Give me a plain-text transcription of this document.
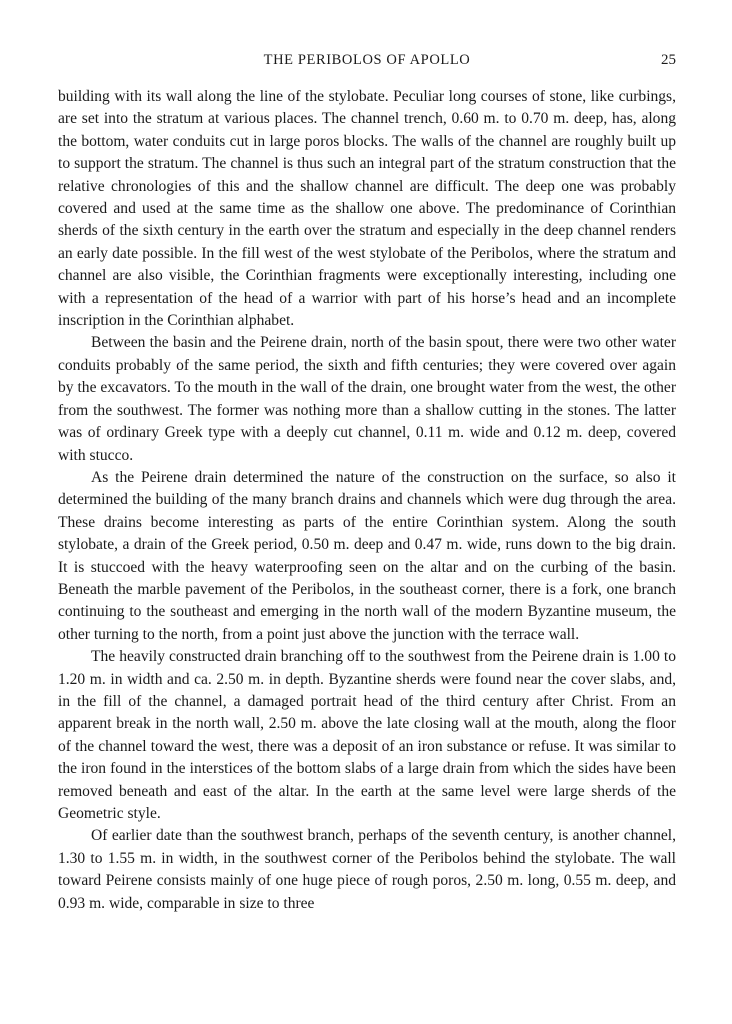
THE PERIBOLOS OF APOLLO	25

building with its wall along the line of the stylobate. Peculiar long courses of stone, like curbings, are set into the stratum at various places. The channel trench, 0.60 m. to 0.70 m. deep, has, along the bottom, water conduits cut in large poros blocks. The walls of the channel are roughly built up to support the stratum. The channel is thus such an integral part of the stratum construction that the relative chronologies of this and the shallow channel are difficult. The deep one was probably covered and used at the same time as the shallow one above. The predominance of Corinthian sherds of the sixth century in the earth over the stratum and especially in the deep channel renders an early date possible. In the fill west of the west stylobate of the Peribolos, where the stratum and channel are also visible, the Corinthian fragments were exceptionally interesting, including one with a representation of the head of a warrior with part of his horse’s head and an incomplete inscription in the Corinthian alphabet.

Between the basin and the Peirene drain, north of the basin spout, there were two other water conduits probably of the same period, the sixth and fifth centuries; they were covered over again by the excavators. To the mouth in the wall of the drain, one brought water from the west, the other from the southwest. The former was nothing more than a shallow cutting in the stones. The latter was of ordinary Greek type with a deeply cut channel, 0.11 m. wide and 0.12 m. deep, covered with stucco.

As the Peirene drain determined the nature of the construction on the surface, so also it determined the building of the many branch drains and channels which were dug through the area. These drains become interesting as parts of the entire Corinthian system. Along the south stylobate, a drain of the Greek period, 0.50 m. deep and 0.47 m. wide, runs down to the big drain. It is stuccoed with the heavy waterproofing seen on the altar and on the curbing of the basin. Beneath the marble pavement of the Peribolos, in the southeast corner, there is a fork, one branch continuing to the southeast and emerging in the north wall of the modern Byzantine museum, the other turning to the north, from a point just above the junction with the terrace wall.

The heavily constructed drain branching off to the southwest from the Peirene drain is 1.00 to 1.20 m. in width and ca. 2.50 m. in depth. Byzantine sherds were found near the cover slabs, and, in the fill of the channel, a damaged portrait head of the third century after Christ. From an apparent break in the north wall, 2.50 m. above the late closing wall at the mouth, along the floor of the channel toward the west, there was a deposit of an iron substance or refuse. It was similar to the iron found in the interstices of the bottom slabs of a large drain from which the sides have been removed beneath and east of the altar. In the earth at the same level were large sherds of the Geometric style.

Of earlier date than the southwest branch, perhaps of the seventh century, is another channel, 1.30 to 1.55 m. in width, in the southwest corner of the Peribolos behind the stylobate. The wall toward Peirene consists mainly of one huge piece of rough poros, 2.50 m. long, 0.55 m. deep, and 0.93 m. wide, comparable in size to three
